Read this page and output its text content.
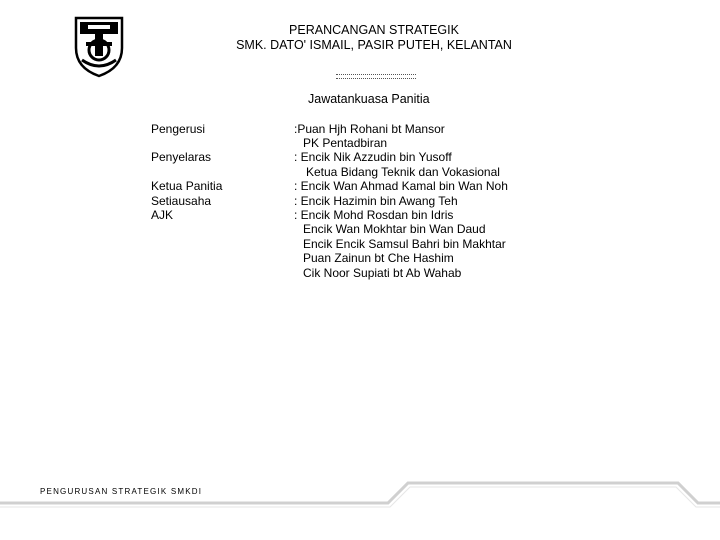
PERANCANGAN STRATEGIK
SMK. DATO' ISMAIL, PASIR PUTEH, KELANTAN
Jawatankuasa Panitia
Pengerusi
Penyelaras
Ketua Panitia
Setiausaha
AJK
:Puan Hjh Rohani bt Mansor
PK Pentadbiran
: Encik Nik Azzudin bin Yusoff
Ketua Bidang Teknik dan Vokasional
: Encik Wan Ahmad Kamal bin Wan Noh
: Encik Hazimin bin Awang Teh
: Encik Mohd Rosdan bin Idris
Encik Wan Mokhtar bin Wan Daud
Encik Encik Samsul Bahri bin Makhtar
Puan Zainun bt Che Hashim
Cik Noor Supiati bt Ab Wahab
PENGURUSAN STRATEGIK SMKDI
